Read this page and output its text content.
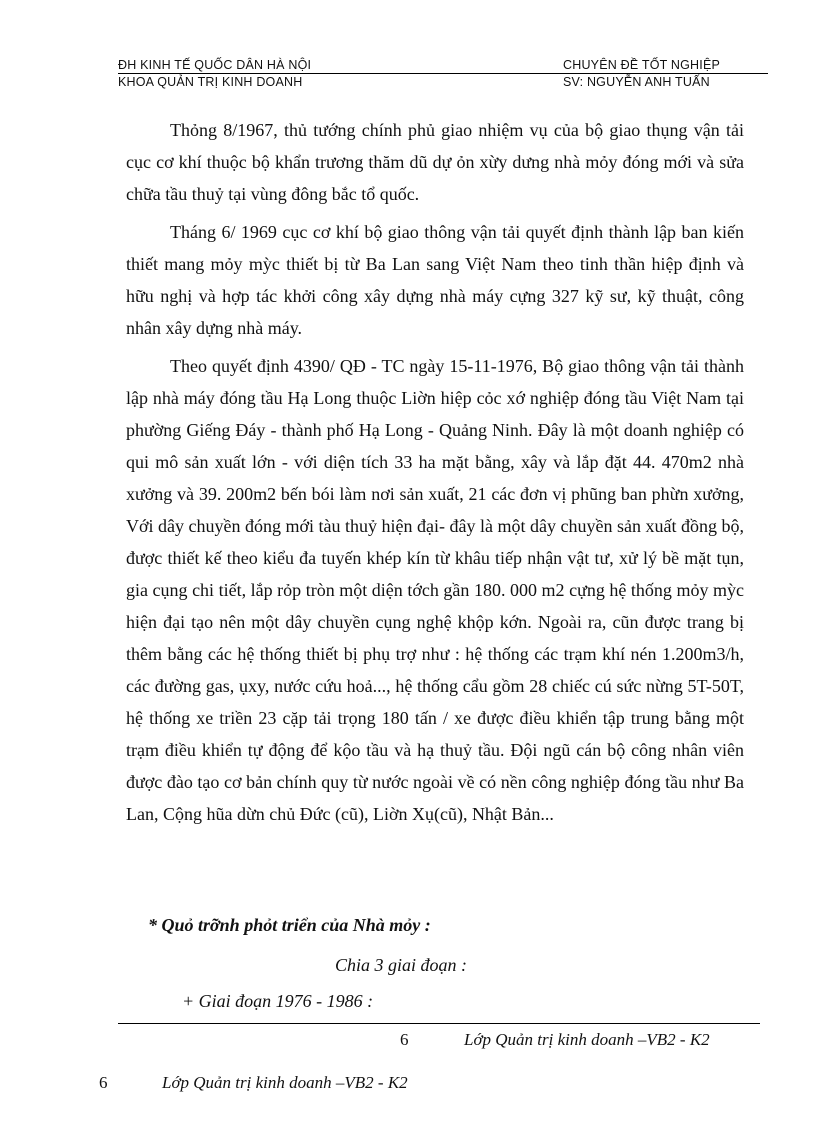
ĐH KINH TẾ QUỐC DÂN HÀ NỘI	CHUYÊN ĐỀ TỐT NGHIỆP
KHOA QUẢN TRỊ KINH DOANH	SV: NGUYỄN ANH TUẤN

Thỏng 8/1967, thủ tướng chính phủ giao nhiệm vụ của bộ giao thụng vận tải cục cơ khí thuộc bộ khẩn trương thăm dũ dự ỏn xừy dưng nhà mỏy đóng mới và sửa chữa tầu thuỷ tại vùng đông bắc tổ quốc.

Tháng 6/ 1969 cục cơ khí bộ giao thông vận tải quyết định thành lập ban kiến thiết mang mỏy mỳc thiết bị từ Ba Lan sang Việt Nam theo tinh thần hiệp định và hữu nghị và hợp tác khởi công xây dựng nhà máy cựng 327 kỹ sư, kỹ thuật, công nhân xây dựng nhà máy.

Theo quyết định 4390/ QĐ - TC ngày 15-11-1976, Bộ giao thông vận tải thành lập nhà máy đóng tầu Hạ Long thuộc Liờn hiệp cỏc xớ nghiệp đóng tầu Việt Nam tại phường Giếng Đáy - thành phố Hạ Long - Quảng Ninh. Đây là một doanh nghiệp có qui mô sản xuất lớn - với diện tích 33 ha mặt bằng, xây và lắp đặt 44. 470m2 nhà xưởng và 39. 200m2 bến bói làm nơi sản xuất, 21 các đơn vị phũng ban phừn xưởng, Với dây chuyền đóng mới tàu thuỷ hiện đại- đây là một dây chuyền sản xuất đồng bộ, được thiết kế theo kiểu đa tuyến khép kín từ khâu tiếp nhận vật tư, xử lý bề mặt tụn, gia cụng chi tiết, lắp rỏp tròn một diện tớch gần 180. 000 m2 cựng hệ thống mỏy mỳc hiện đại tạo nên một dây chuyền cụng nghệ khộp kớn. Ngoài ra, cũn được trang bị thêm bằng các hệ thống thiết bị phụ trợ như : hệ thống các trạm khí nén 1.200m3/h, các đường gas, ụxy, nước cứu hoả..., hệ thống cẩu gồm 28 chiếc cú sức nừng 5T-50T, hệ thống xe triền 23 cặp tải trọng 180 tấn / xe được điều khiển tập trung bằng một trạm điều khiển tự động để kộo tầu và hạ thuỷ tầu. Đội ngũ cán bộ công nhân viên được đào tạo cơ bản chính quy từ nước ngoài về có nền công nghiệp đóng tầu như Ba Lan, Cộng hũa dừn chủ Đức (cũ), Liờn Xụ(cũ), Nhật Bản...

* Quỏ trỡnh phỏt triển của Nhà mỏy :
Chia 3 giai đoạn :
+ Giai đoạn 1976 - 1986 :
6	Lớp Quản trị kinh doanh –VB2 - K2
6	Lớp Quản trị kinh doanh –VB2 - K2
